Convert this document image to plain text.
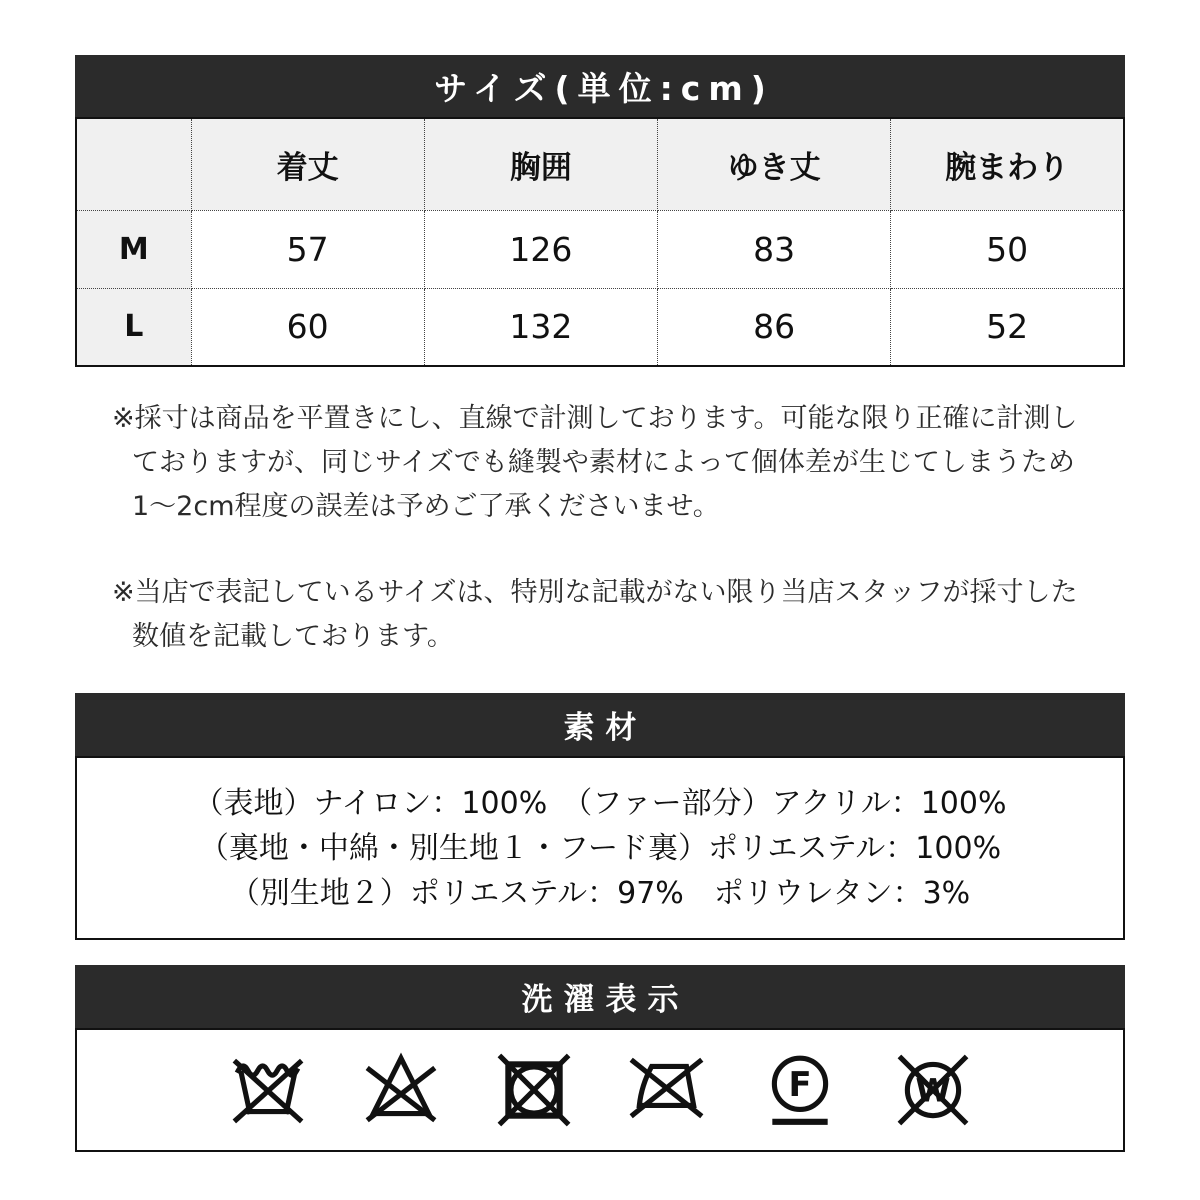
サイズ(単位:cm)
	着丈	胸囲	ゆき丈	腕まわり
M	57	126	83	50
L	60	132	86	52
※採寸は商品を平置きにし、直線で計測しております。可能な限り正確に計測し
ておりますが、同じサイズでも縫製や素材によって個体差が生じてしまうため
1～2cm程度の誤差は予めご了承くださいませ。
※当店で表記しているサイズは、特別な記載がない限り当店スタッフが採寸した
数値を記載しております。
素材
（表地）ナイロン：100%　（ファー部分）アクリル：100%
（裏地・中綿・別生地１・フード裏）ポリエステル：100%
（別生地２）ポリエステル：97%　ポリウレタン：3%
洗濯表示
F	W
